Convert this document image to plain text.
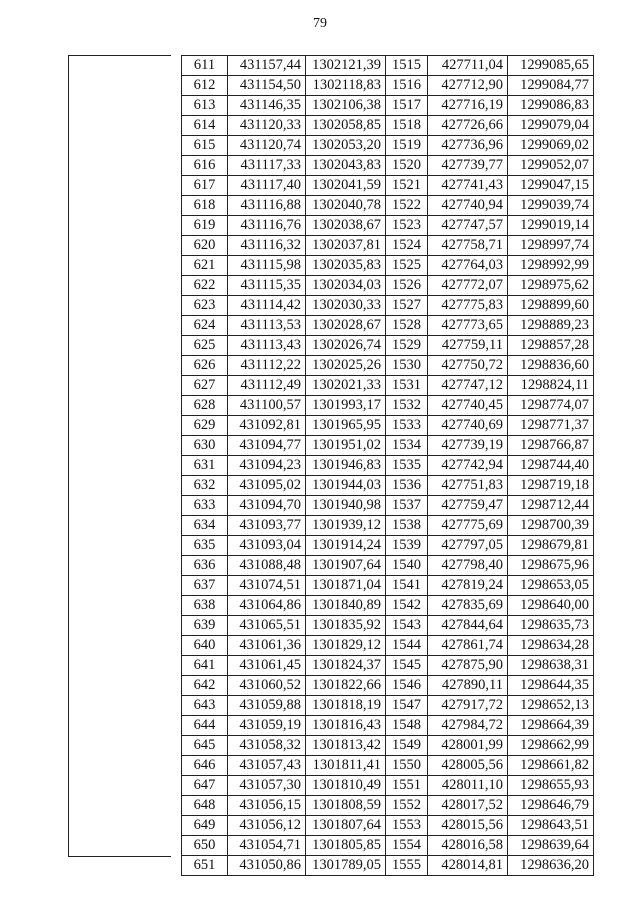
79
611	431157,44	1302121,39	1515	427711,04	1299085,65
612	431154,50	1302118,83	1516	427712,90	1299084,77
613	431146,35	1302106,38	1517	427716,19	1299086,83
614	431120,33	1302058,85	1518	427726,66	1299079,04
615	431120,74	1302053,20	1519	427736,96	1299069,02
616	431117,33	1302043,83	1520	427739,77	1299052,07
617	431117,40	1302041,59	1521	427741,43	1299047,15
618	431116,88	1302040,78	1522	427740,94	1299039,74
619	431116,76	1302038,67	1523	427747,57	1299019,14
620	431116,32	1302037,81	1524	427758,71	1298997,74
621	431115,98	1302035,83	1525	427764,03	1298992,99
622	431115,35	1302034,03	1526	427772,07	1298975,62
623	431114,42	1302030,33	1527	427775,83	1298899,60
624	431113,53	1302028,67	1528	427773,65	1298889,23
625	431113,43	1302026,74	1529	427759,11	1298857,28
626	431112,22	1302025,26	1530	427750,72	1298836,60
627	431112,49	1302021,33	1531	427747,12	1298824,11
628	431100,57	1301993,17	1532	427740,45	1298774,07
629	431092,81	1301965,95	1533	427740,69	1298771,37
630	431094,77	1301951,02	1534	427739,19	1298766,87
631	431094,23	1301946,83	1535	427742,94	1298744,40
632	431095,02	1301944,03	1536	427751,83	1298719,18
633	431094,70	1301940,98	1537	427759,47	1298712,44
634	431093,77	1301939,12	1538	427775,69	1298700,39
635	431093,04	1301914,24	1539	427797,05	1298679,81
636	431088,48	1301907,64	1540	427798,40	1298675,96
637	431074,51	1301871,04	1541	427819,24	1298653,05
638	431064,86	1301840,89	1542	427835,69	1298640,00
639	431065,51	1301835,92	1543	427844,64	1298635,73
640	431061,36	1301829,12	1544	427861,74	1298634,28
641	431061,45	1301824,37	1545	427875,90	1298638,31
642	431060,52	1301822,66	1546	427890,11	1298644,35
643	431059,88	1301818,19	1547	427917,72	1298652,13
644	431059,19	1301816,43	1548	427984,72	1298664,39
645	431058,32	1301813,42	1549	428001,99	1298662,99
646	431057,43	1301811,41	1550	428005,56	1298661,82
647	431057,30	1301810,49	1551	428011,10	1298655,93
648	431056,15	1301808,59	1552	428017,52	1298646,79
649	431056,12	1301807,64	1553	428015,56	1298643,51
650	431054,71	1301805,85	1554	428016,58	1298639,64
651	431050,86	1301789,05	1555	428014,81	1298636,20
